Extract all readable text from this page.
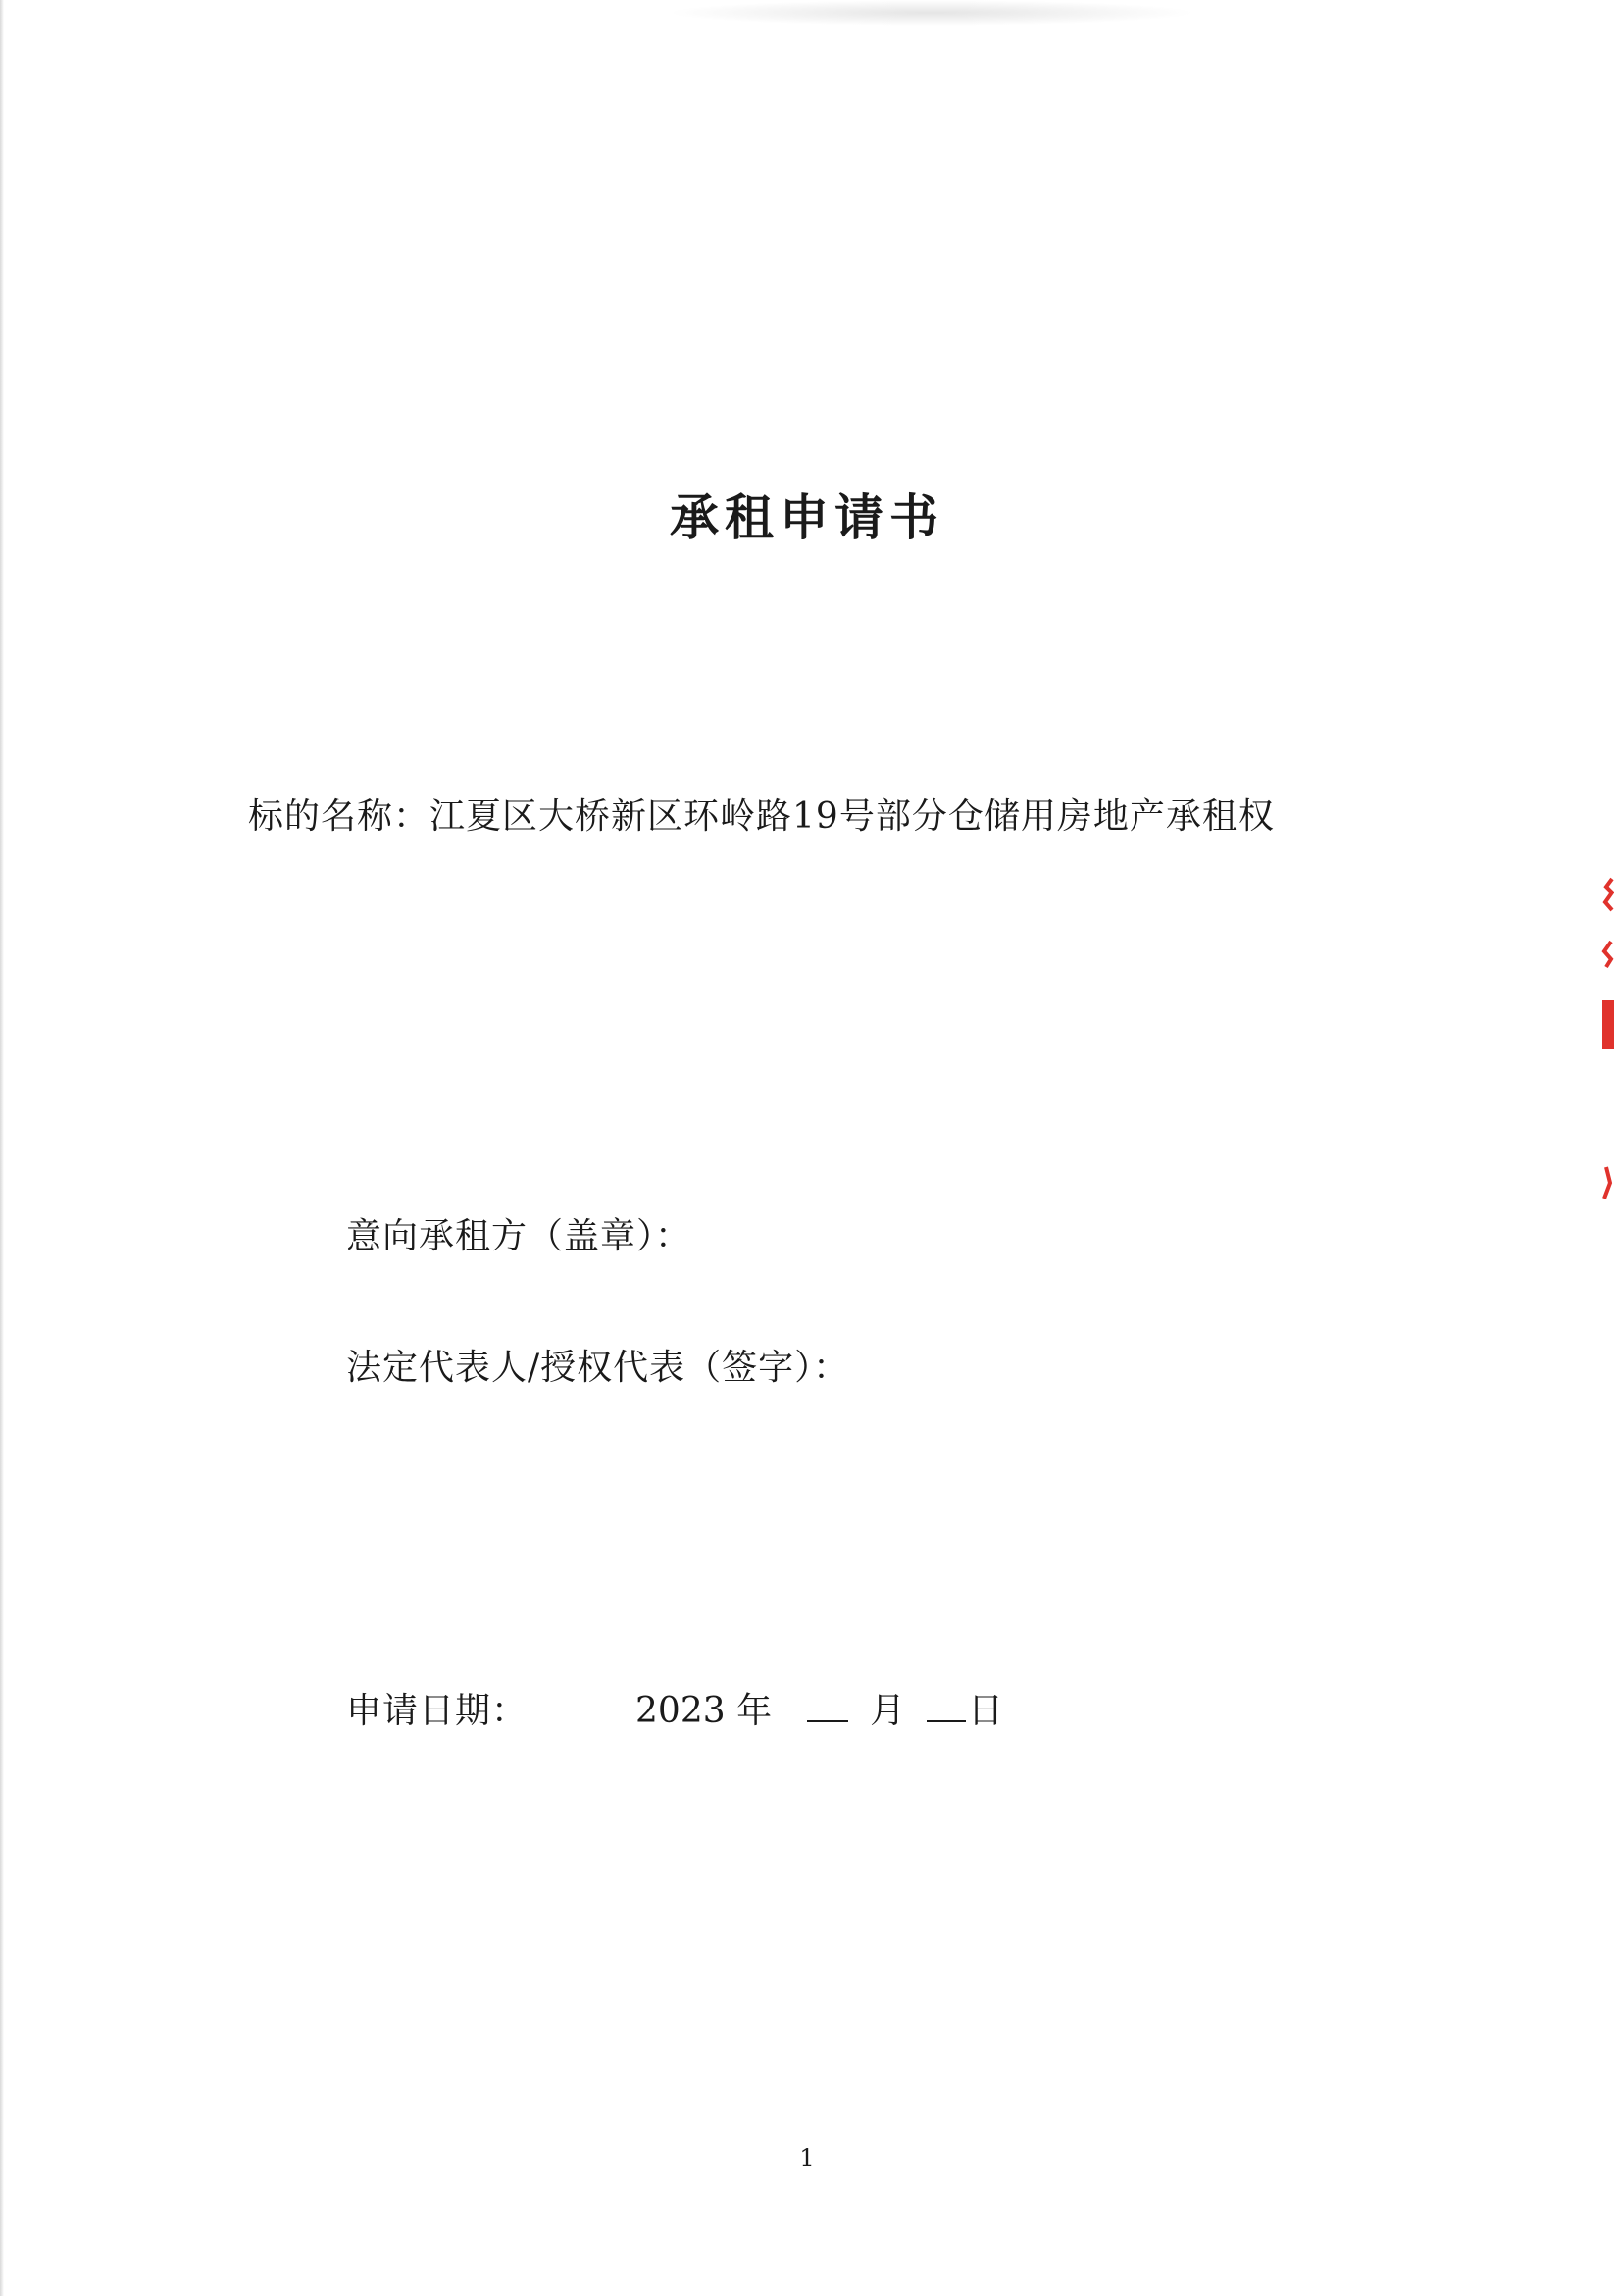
承租申请书
标的名称：江夏区大桥新区环岭路19号部分仓储用房地产承租权
意向承租方（盖章）：
法定代表人/授权代表（签字）：
申请日期：	2023 年	月 日
1
